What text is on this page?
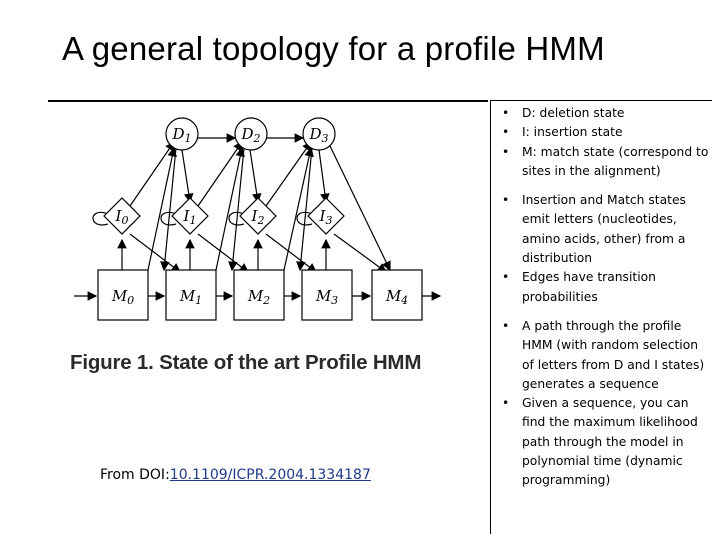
A general topology for a profile HMM
$D_1$	$D_2$	$D_3$
$I_0$	$I_1$	$I_2$	$I_3$
$M_0$	$M_1$	$M_2$	$M_3$	$M_4$
Figure 1. State of the art Profile HMM
From DOI:10.1109/ICPR.2004.1334187
• D: deletion state
• I: insertion state
• M: match state (correspond to sites in the alignment)
• Insertion and Match states emit letters (nucleotides, amino acids, other) from a distribution
• Edges have transition probabilities
• A path through the profile HMM (with random selection of letters from D and I states) generates a sequence
• Given a sequence, you can find the maximum likelihood path through the model in polynomial time (dynamic programming)
